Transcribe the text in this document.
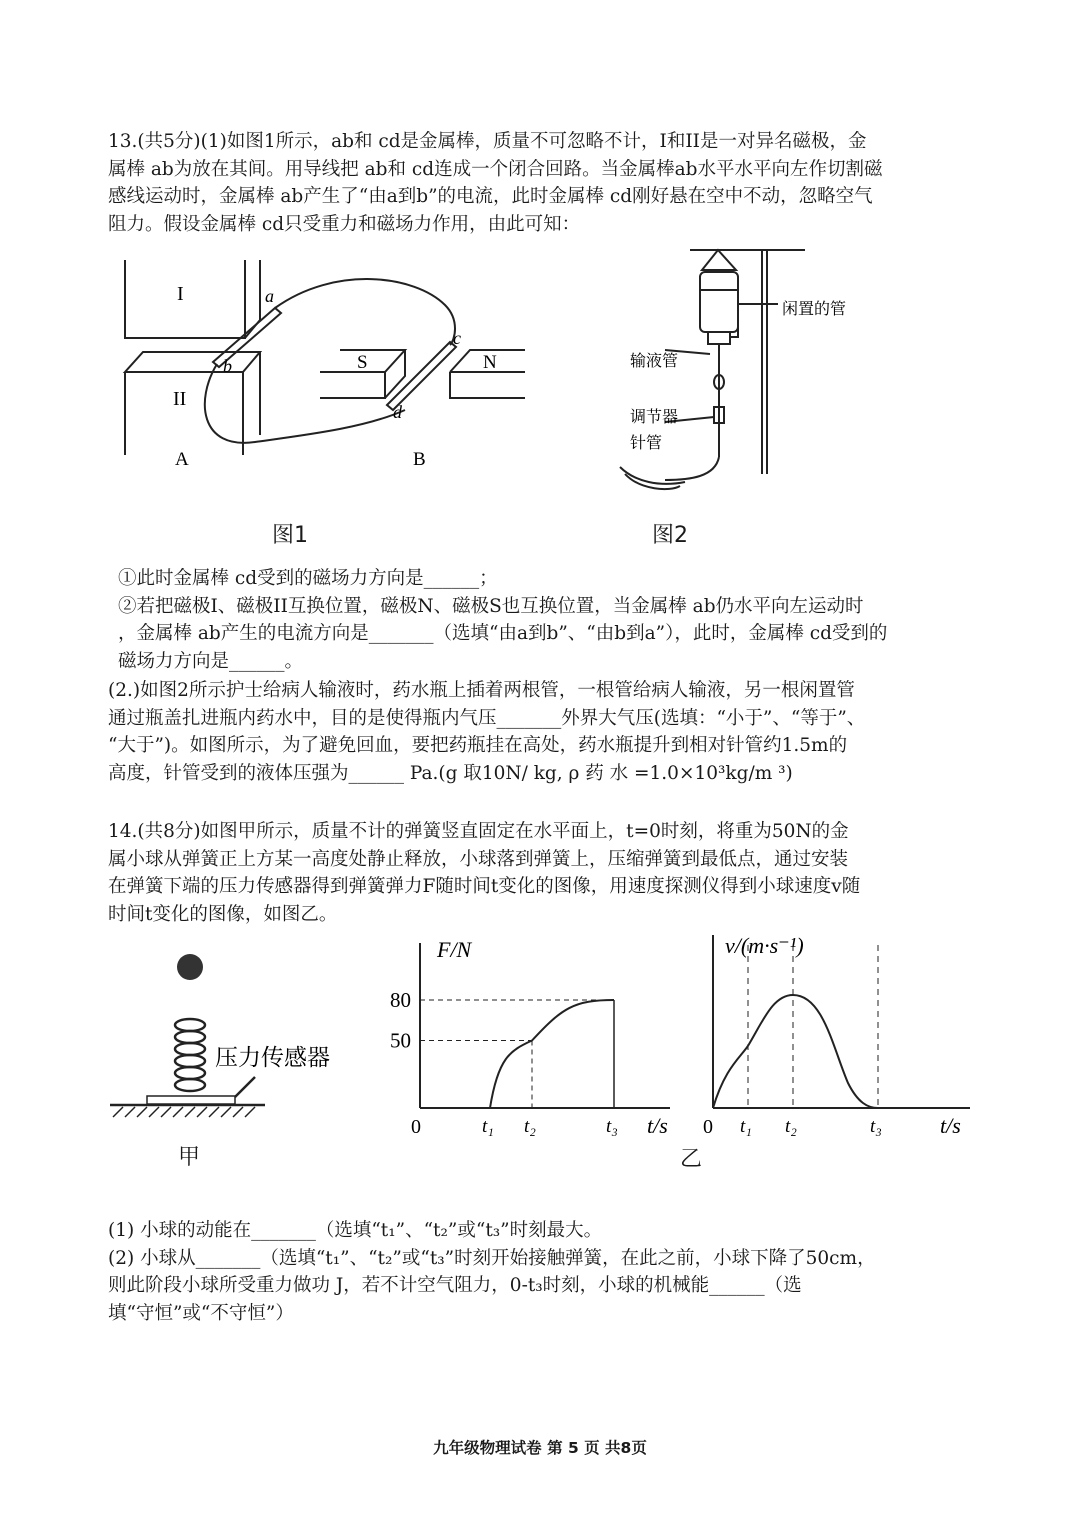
13.(共5分)(1)如图1所示，ab和 cd是金属棒，质量不可忽略不计，I和II是一对异名磁极，金

属棒 ab为放在其间。用导线把 ab和 cd连成一个闭合回路。当金属棒ab水平水平向左作切割磁

感线运动时，金属棒 ab产生了“由a到b”的电流，此时金属棒 cd刚好悬在空中不动，忽略空气

阻力。假设金属棒 cd只受重力和磁场力作用，由此可知：

I
II
a
b
c
d
S	N
A	B
图1
闲置的管
输液管
调节器
针管
图2

①此时金属棒 cd受到的磁场力方向是______；

②若把磁极I、磁极II互换位置，磁极N、磁极S也互换位置，当金属棒 ab仍水平向左运动时

，金属棒 ab产生的电流方向是_______（选填“由a到b”、“由b到a”），此时，金属棒 cd受到的

磁场力方向是______。

(2.)如图2所示护士给病人输液时，药水瓶上插着两根管，一根管给病人输液，另一根闲置管

通过瓶盖扎进瓶内药水中，目的是使得瓶内气压_______外界大气压(选填：“小于”、“等于”、

“大于”)。如图所示，为了避免回血，要把药瓶挂在高处，药水瓶提升到相对针管约1.5m的

高度，针管受到的液体压强为______ Pa.(g 取10N/ kg, ρ 药 水 =1.0×10³kg/m ³)

14.(共8分)如图甲所示，质量不计的弹簧竖直固定在水平面上，t=0时刻，将重为50N的金

属小球从弹簧正上方某一高度处静止释放，小球落到弹簧上，压缩弹簧到最低点，通过安装

在弹簧下端的压力传感器得到弹簧弹力F随时间t变化的图像，用速度探测仪得到小球速度v随

时间t变化的图像，如图乙。

压力传感器
甲
F/N
t/s
0
50
80
t₁ t₂	t₃
v/(m·s⁻¹)
t/s
0 t₁ t₂	t₃
乙

(1) 小球的动能在_______（选填“t₁”、“t₂”或“t₃”时刻最大。

(2) 小球从_______（选填“t₁”、“t₂”或“t₃”时刻开始接触弹簧，在此之前，小球下降了50cm，

则此阶段小球所受重力做功 J，若不计空气阻力，0-t₃时刻，小球的机械能______（选

填“守恒”或“不守恒”）

九年级物理试卷 第 5 页 共8页
